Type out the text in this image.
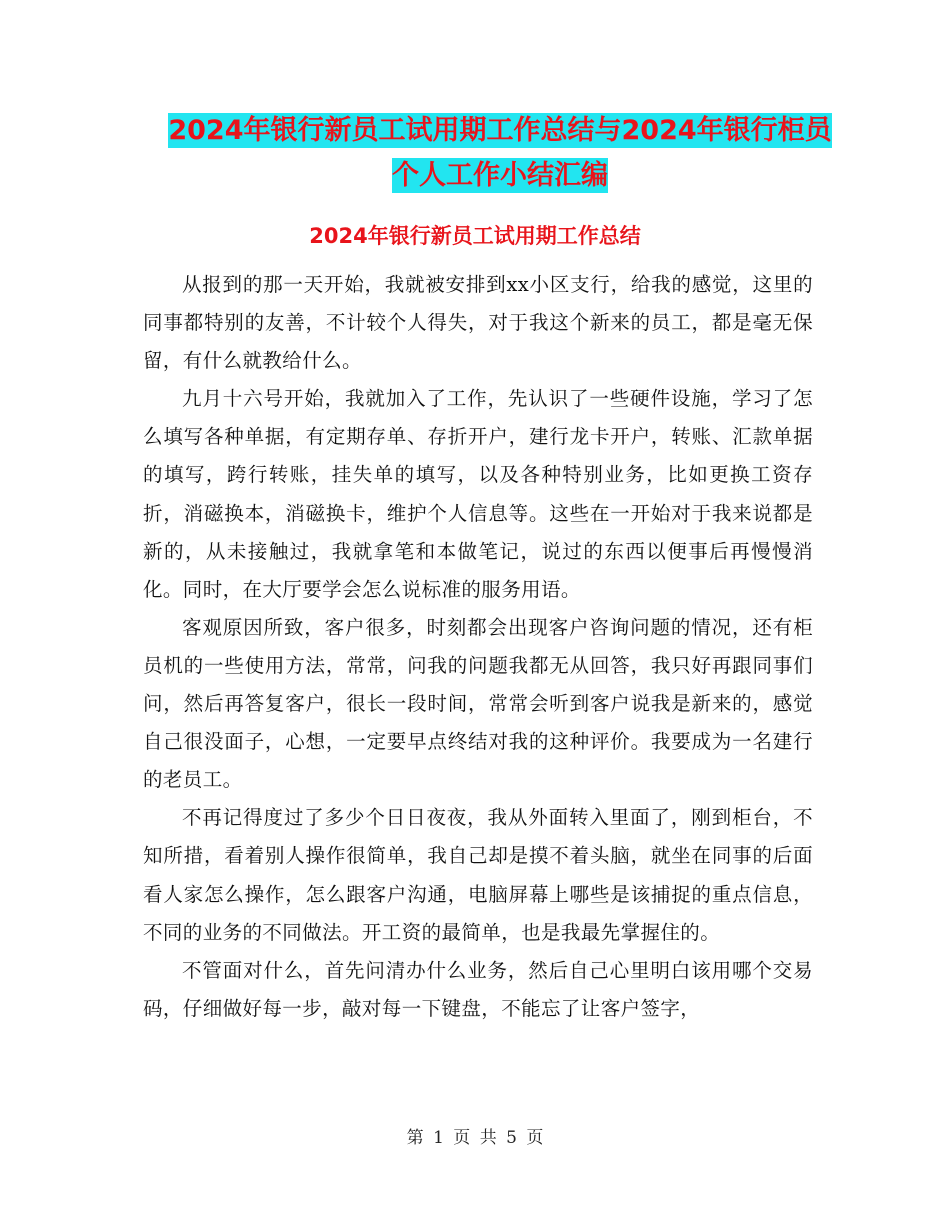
2024年银行新员工试用期工作总结与2024年银行柜员
个人工作小结汇编
2024年银行新员工试用期工作总结

从报到的那一天开始，我就被安排到xx小区支行，给我的感觉，这里的同事都特别的友善，不计较个人得失，对于我这个新来的员工，都是毫无保留，有什么就教给什么。

九月十六号开始，我就加入了工作，先认识了一些硬件设施，学习了怎么填写各种单据，有定期存单、存折开户，建行龙卡开户，转账、汇款单据的填写，跨行转账，挂失单的填写，以及各种特别业务，比如更换工资存折，消磁换本，消磁换卡，维护个人信息等。这些在一开始对于我来说都是新的，从未接触过，我就拿笔和本做笔记，说过的东西以便事后再慢慢消化。同时，在大厅要学会怎么说标准的服务用语。

客观原因所致，客户很多，时刻都会出现客户咨询问题的情况，还有柜员机的一些使用方法，常常，问我的问题我都无从回答，我只好再跟同事们问，然后再答复客户，很长一段时间，常常会听到客户说我是新来的，感觉自己很没面子，心想，一定要早点终结对我的这种评价。我要成为一名建行的老员工。

不再记得度过了多少个日日夜夜，我从外面转入里面了，刚到柜台，不知所措，看着别人操作很简单，我自己却是摸不着头脑，就坐在同事的后面看人家怎么操作，怎么跟客户沟通，电脑屏幕上哪些是该捕捉的重点信息，不同的业务的不同做法。开工资的最简单，也是我最先掌握住的。

不管面对什么，首先问清办什么业务，然后自己心里明白该用哪个交易码，仔细做好每一步，敲对每一下键盘，不能忘了让客户签字，

第 1 页 共 5 页
